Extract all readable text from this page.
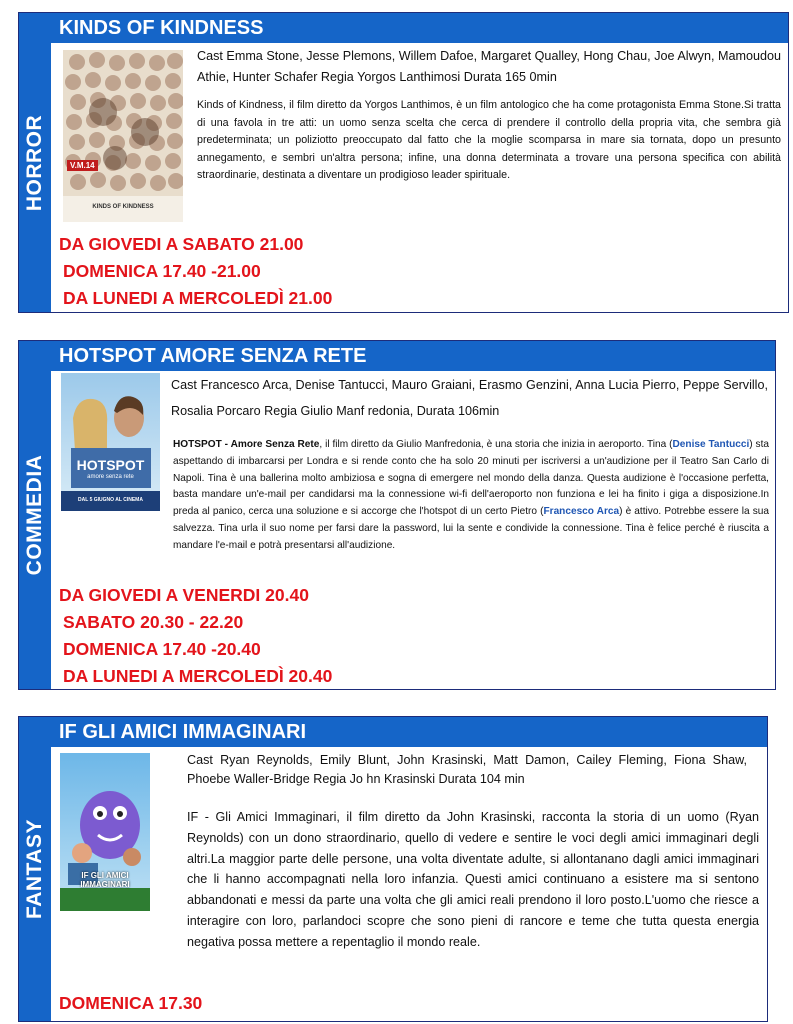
HORROR
KINDS OF KINDNESS
V.M.14
KINDS OF KINDNESS
Cast Emma Stone, Jesse Plemons, Willem Dafoe, Margaret Qualley, Hong Chau, Joe Alwyn, Mamoudou Athie, Hunter Schafer Regia Yorgos Lanthimosi Durata 165 0min
Kinds of Kindness, il film diretto da Yorgos Lanthimos, è un film antologico che ha come protagonista Emma Stone.Si tratta di una favola in tre atti: un uomo senza scelta che cerca di prendere il controllo della propria vita, che sembra già predeterminata; un poliziotto preoccupato dal fatto che la moglie scomparsa in mare sia tornata, dopo un presunto annegamento, e sembri un'altra persona; infine, una donna determinata a trovare una persona specifica con abilità straordinarie, destinata a diventare un prodigioso leader spirituale.
DA GIOVEDI A SABATO 21.00
DOMENICA 17.40 -21.00
DA LUNEDI A MERCOLEDÌ 21.00
COMMEDIA
HOTSPOT AMORE SENZA RETE
HOTSPOT
amore senza rete
DAL 5 GIUGNO AL CINEMA
Cast Francesco Arca, Denise Tantucci, Mauro Graiani, Erasmo Genzini, Anna Lucia Pierro, Peppe Servillo, Rosalia Porcaro Regia Giulio Manf redonia, Durata 106min
HOTSPOT - Amore Senza Rete, il film diretto da Giulio Manfredonia, è una storia che inizia in aeroporto. Tina (Denise Tantucci) sta aspettando di imbarcarsi per Londra e si rende conto che ha solo 20 minuti per iscriversi a un'audizione per il Teatro San Carlo di Napoli. Tina è una ballerina molto ambiziosa e sogna di emergere nel mondo della danza. Questa audizione è l'occasione perfetta, basta mandare un'e-mail per candidarsi ma la connessione wi-fi dell'aeroporto non funziona e lei ha finito i giga a disposizione.In preda al panico, cerca una soluzione e si accorge che l'hotspot di un certo Pietro (Francesco Arca) è attivo. Potrebbe essere la sua salvezza. Tina urla il suo nome per farsi dare la password, lui la sente e condivide la connessione. Tina è felice perché è riuscita a mandare l'e-mail e potrà presentarsi all'audizione.
DA GIOVEDI A VENERDI 20.40
SABATO 20.30 - 22.20
DOMENICA 17.40 -20.40
DA LUNEDI A MERCOLEDÌ 20.40
FANTASY
IF GLI AMICI IMMAGINARI
IF GLI AMICI IMMAGINARI
Cast Ryan Reynolds, Emily Blunt, John Krasinski, Matt Damon, Cailey Fleming, Fiona Shaw, Phoebe Waller-Bridge Regia Jo hn Krasinski Durata 104 min
IF - Gli Amici Immaginari, il film diretto da John Krasinski, racconta la storia di un uomo (Ryan Reynolds) con un dono straordinario, quello di vedere e sentire le voci degli amici immaginari degli altri.La maggior parte delle persone, una volta diventate adulte, si allontanano dagli amici immaginari che li hanno accompagnati nella loro infanzia. Questi amici continuano a esistere ma si sentono abbandonati e messi da parte una volta che gli amici reali prendono il loro posto.L'uomo che riesce a interagire con loro, parlandoci scopre che sono pieni di rancore e teme che tutta questa energia negativa possa mettere a repentaglio il mondo reale.
DOMENICA 17.30
